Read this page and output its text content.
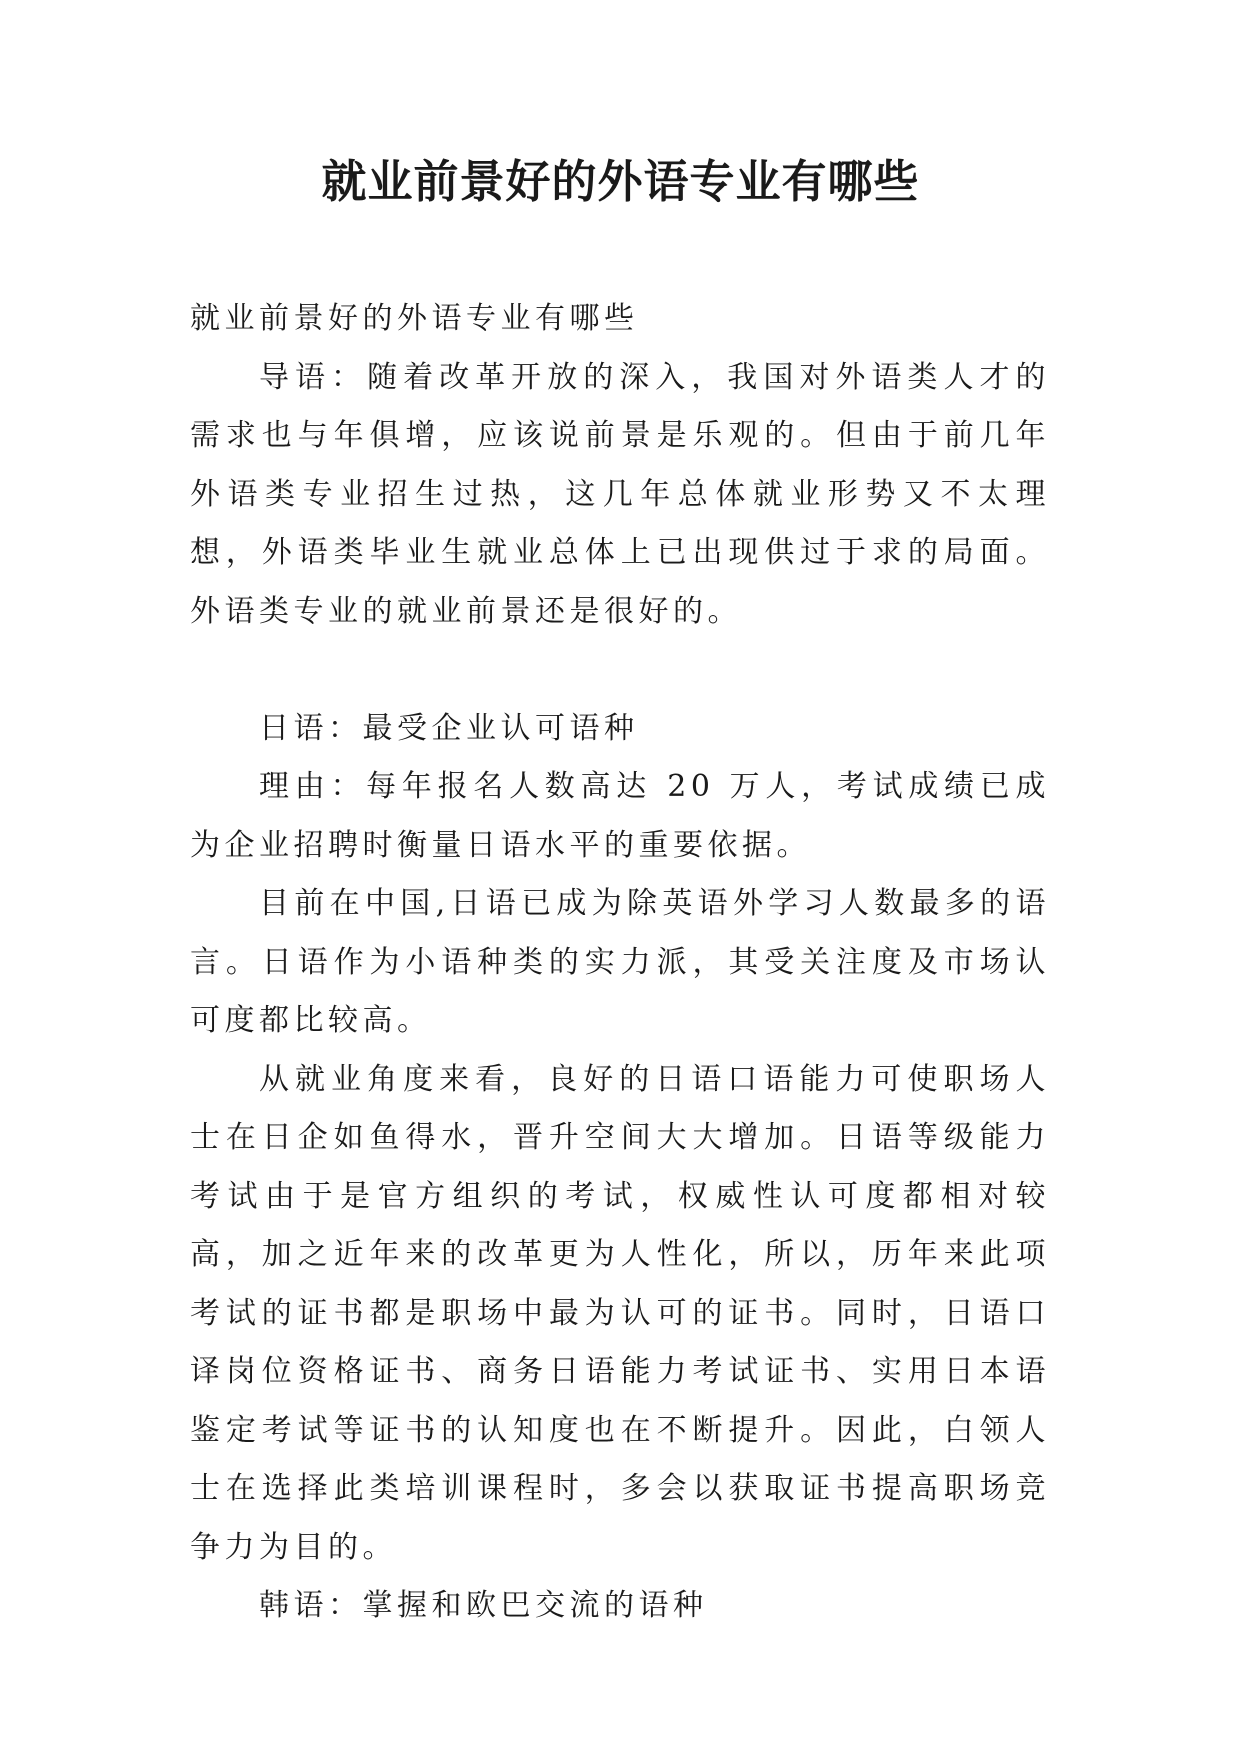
就业前景好的外语专业有哪些

就业前景好的外语专业有哪些

导语：随着改革开放的深入，我国对外语类人才的需求也与年俱增，应该说前景是乐观的。但由于前几年外语类专业招生过热，这几年总体就业形势又不太理想，外语类毕业生就业总体上已出现供过于求的局面。外语类专业的就业前景还是很好的。

日语：最受企业认可语种

理由：每年报名人数高达 20 万人，考试成绩已成为企业招聘时衡量日语水平的重要依据。

目前在中国,日语已成为除英语外学习人数最多的语言。日语作为小语种类的实力派，其受关注度及市场认可度都比较高。

从就业角度来看，良好的日语口语能力可使职场人士在日企如鱼得水，晋升空间大大增加。日语等级能力考试由于是官方组织的考试，权威性认可度都相对较高，加之近年来的改革更为人性化，所以，历年来此项考试的证书都是职场中最为认可的证书。同时，日语口译岗位资格证书、商务日语能力考试证书、实用日本语鉴定考试等证书的认知度也在不断提升。因此，白领人士在选择此类培训课程时，多会以获取证书提高职场竞争力为目的。

韩语：掌握和欧巴交流的语种
